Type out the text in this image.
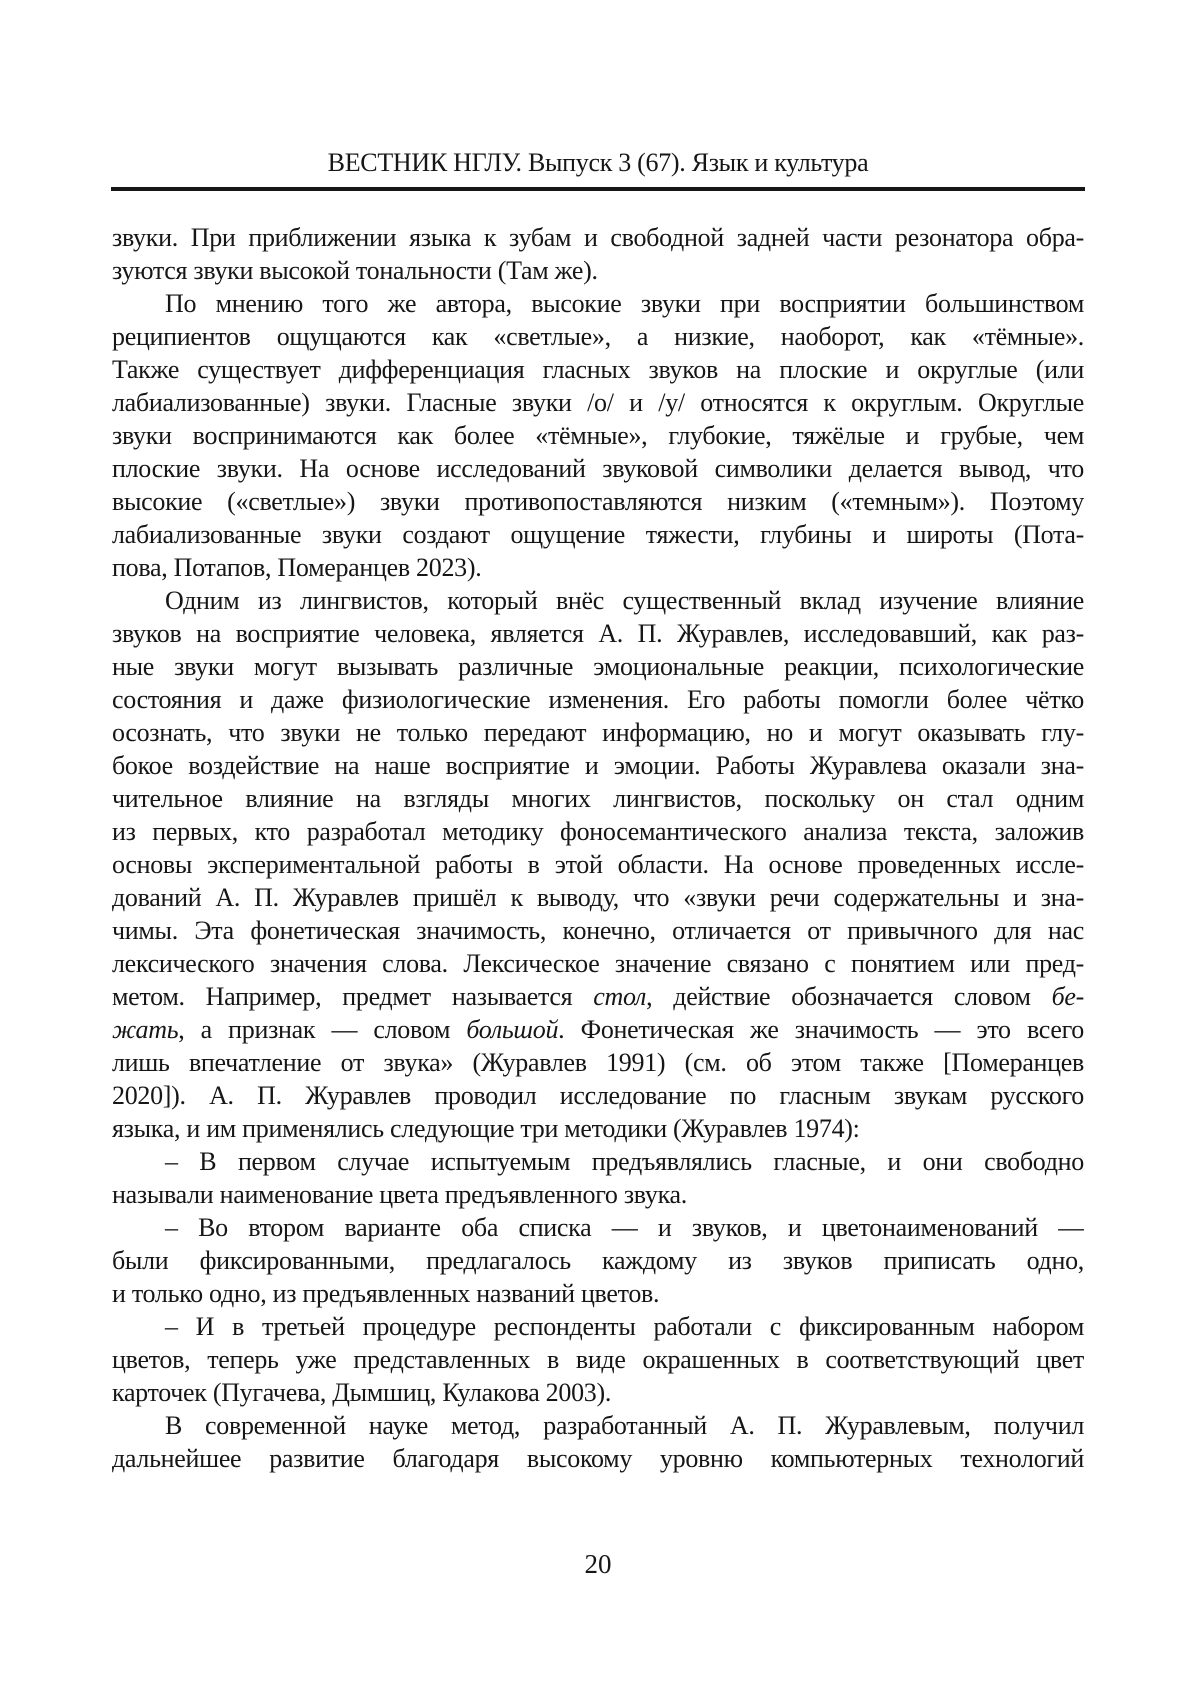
ВЕСТНИК НГЛУ. Выпуск 3 (67). Язык и культура
звуки. При приближении языка к зубам и свободной задней части резонатора обра-
зуются звуки высокой тональности (Там же).
По мнению того же автора, высокие звуки при восприятии большинством
реципиентов ощущаются как «светлые», а низкие, наоборот, как «тёмные».
Также существует дифференциация гласных звуков на плоские и округлые (или
лабиализованные) звуки. Гласные звуки /о/ и /у/ относятся к округлым. Округлые
звуки воспринимаются как более «тёмные», глубокие, тяжёлые и грубые, чем
плоские звуки. На основе исследований звуковой символики делается вывод, что
высокие («светлые») звуки противопоставляются низким («темным»). Поэтому
лабиализованные звуки создают ощущение тяжести, глубины и широты (Пота-
пова, Потапов, Померанцев 2023).
Одним из лингвистов, который внёс существенный вклад изучение влияние
звуков на восприятие человека, является А. П. Журавлев, исследовавший, как раз-
ные звуки могут вызывать различные эмоциональные реакции, психологические
состояния и даже физиологические изменения. Его работы помогли более чётко
осознать, что звуки не только передают информацию, но и могут оказывать глу-
бокое воздействие на наше восприятие и эмоции. Работы Журавлева оказали зна-
чительное влияние на взгляды многих лингвистов, поскольку он стал одним
из первых, кто разработал методику фоносемантического анализа текста, заложив
основы экспериментальной работы в этой области. На основе проведенных иссле-
дований А. П. Журавлев пришёл к выводу, что «звуки речи содержательны и зна-
чимы. Эта фонетическая значимость, конечно, отличается от привычного для нас
лексического значения слова. Лексическое значение связано с понятием или пред-
метом. Например, предмет называется стол, действие обозначается словом бе-
жать, а признак — словом большой. Фонетическая же значимость — это всего
лишь впечатление от звука» (Журавлев 1991) (см. об этом также [Померанцев
2020]). А. П. Журавлев проводил исследование по гласным звукам русского
языка, и им применялись следующие три методики (Журавлев 1974):
– В первом случае испытуемым предъявлялись гласные, и они свободно
называли наименование цвета предъявленного звука.
– Во втором варианте оба списка — и звуков, и цветонаименований —
были фиксированными, предлагалось каждому из звуков приписать одно,
и только одно, из предъявленных названий цветов.
– И в третьей процедуре респонденты работали с фиксированным набором
цветов, теперь уже представленных в виде окрашенных в соответствующий цвет
карточек (Пугачева, Дымшиц, Кулакова 2003).
В современной науке метод, разработанный А. П. Журавлевым, получил
дальнейшее развитие благодаря высокому уровню компьютерных технологий
20
